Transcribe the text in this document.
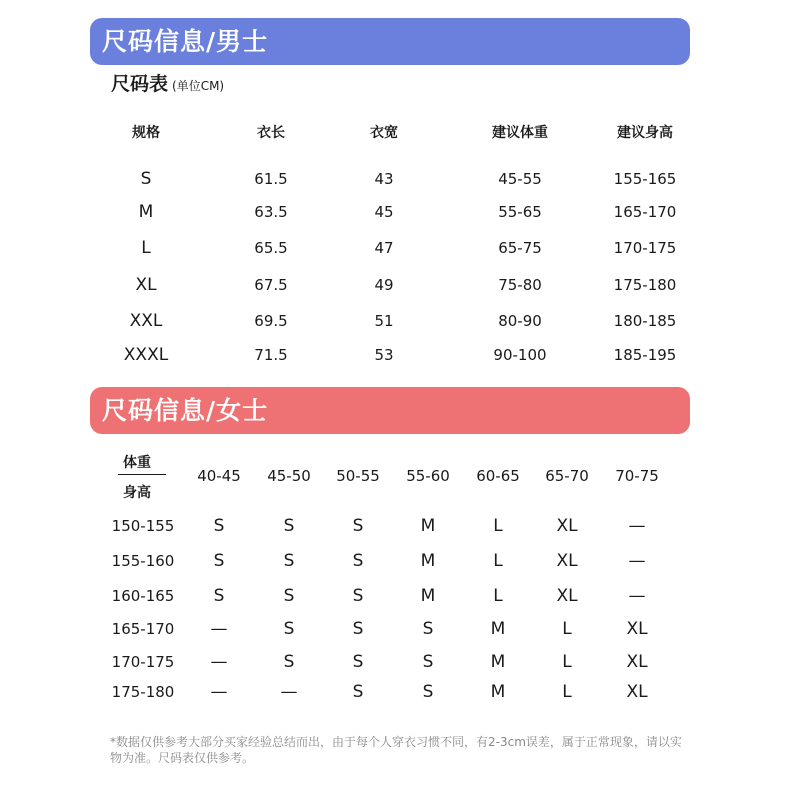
尺码信息/男士
尺码表 (单位CM)
规格	衣长	衣宽	建议体重	建议身高
S	61.5	43	45-55	155-165
M	63.5	45	55-65	165-170
L	65.5	47	65-75	170-175
XL	67.5	49	75-80	175-180
XXL	69.5	51	80-90	180-185
XXXL	71.5	53	90-100	185-195
尺码信息/女士
体重
身高
40-45 45-50 50-55 55-60 60-65 65-70 70-75
150-155 S	S	S	M	L	XL	—
155-160 S	S	S	M	L	XL	—
160-165 S	S	S	M	L	XL	—
165-170 —	S	S	S	M	L	XL
170-175 —	S	S	S	M	L	XL
175-180 —	—	S	S	M	L	XL
*数据仅供参考大部分买家经验总结而出，由于每个人穿衣习惯不同，有2-3cm误差，属于正常现象，请以实物为准。尺码表仅供参考。
